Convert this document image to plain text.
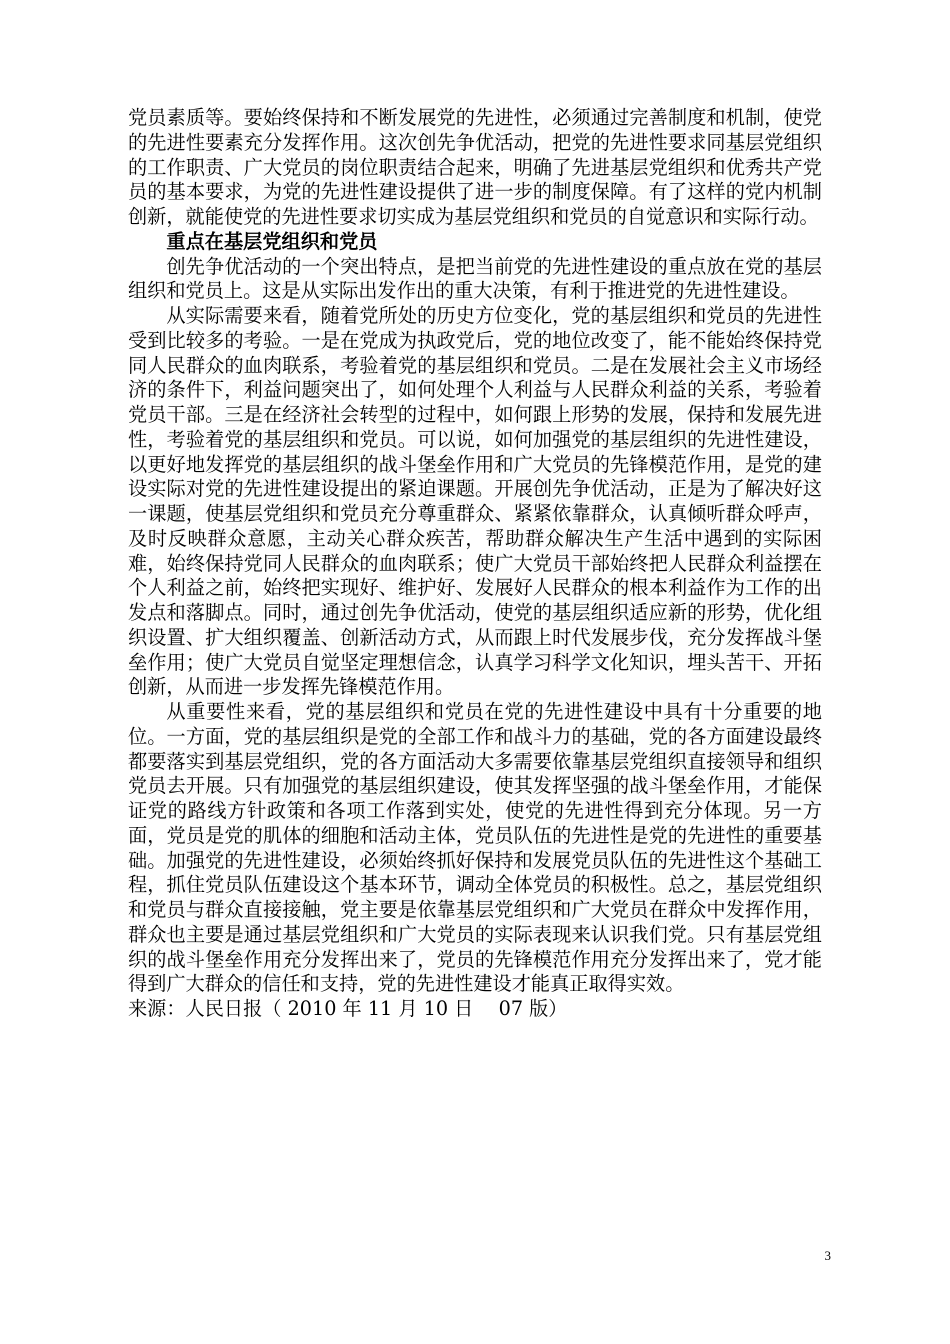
党员素质等。要始终保持和不断发展党的先进性，必须通过完善制度和机制，使党的先进性要素充分发挥作用。这次创先争优活动，把党的先进性要求同基层党组织的工作职责、广大党员的岗位职责结合起来，明确了先进基层党组织和优秀共产党员的基本要求，为党的先进性建设提供了进一步的制度保障。有了这样的党内机制创新，就能使党的先进性要求切实成为基层党组织和党员的自觉意识和实际行动。

重点在基层党组织和党员

创先争优活动的一个突出特点，是把当前党的先进性建设的重点放在党的基层组织和党员上。这是从实际出发作出的重大决策，有利于推进党的先进性建设。

从实际需要来看，随着党所处的历史方位变化，党的基层组织和党员的先进性受到比较多的考验。一是在党成为执政党后，党的地位改变了，能不能始终保持党同人民群众的血肉联系，考验着党的基层组织和党员。二是在发展社会主义市场经济的条件下，利益问题突出了，如何处理个人利益与人民群众利益的关系，考验着党员干部。三是在经济社会转型的过程中，如何跟上形势的发展，保持和发展先进性，考验着党的基层组织和党员。可以说，如何加强党的基层组织的先进性建设，以更好地发挥党的基层组织的战斗堡垒作用和广大党员的先锋模范作用，是党的建设实际对党的先进性建设提出的紧迫课题。开展创先争优活动，正是为了解决好这一课题，使基层党组织和党员充分尊重群众、紧紧依靠群众，认真倾听群众呼声，及时反映群众意愿，主动关心群众疾苦，帮助群众解决生产生活中遇到的实际困难，始终保持党同人民群众的血肉联系；使广大党员干部始终把人民群众利益摆在个人利益之前，始终把实现好、维护好、发展好人民群众的根本利益作为工作的出发点和落脚点。同时，通过创先争优活动，使党的基层组织适应新的形势，优化组织设置、扩大组织覆盖、创新活动方式，从而跟上时代发展步伐，充分发挥战斗堡垒作用；使广大党员自觉坚定理想信念，认真学习科学文化知识，埋头苦干、开拓创新，从而进一步发挥先锋模范作用。

从重要性来看，党的基层组织和党员在党的先进性建设中具有十分重要的地位。一方面，党的基层组织是党的全部工作和战斗力的基础，党的各方面建设最终都要落实到基层党组织，党的各方面活动大多需要依靠基层党组织直接领导和组织党员去开展。只有加强党的基层组织建设，使其发挥坚强的战斗堡垒作用，才能保证党的路线方针政策和各项工作落到实处，使党的先进性得到充分体现。另一方面，党员是党的肌体的细胞和活动主体，党员队伍的先进性是党的先进性的重要基础。加强党的先进性建设，必须始终抓好保持和发展党员队伍的先进性这个基础工程，抓住党员队伍建设这个基本环节，调动全体党员的积极性。总之，基层党组织和党员与群众直接接触，党主要是依靠基层党组织和广大党员在群众中发挥作用，群众也主要是通过基层党组织和广大党员的实际表现来认识我们党。只有基层党组织的战斗堡垒作用充分发挥出来了，党员的先锋模范作用充分发挥出来了，党才能得到广大群众的信任和支持，党的先进性建设才能真正取得实效。

来源：人民日报（ 2010 年 11 月 10 日　 07 版）

3
